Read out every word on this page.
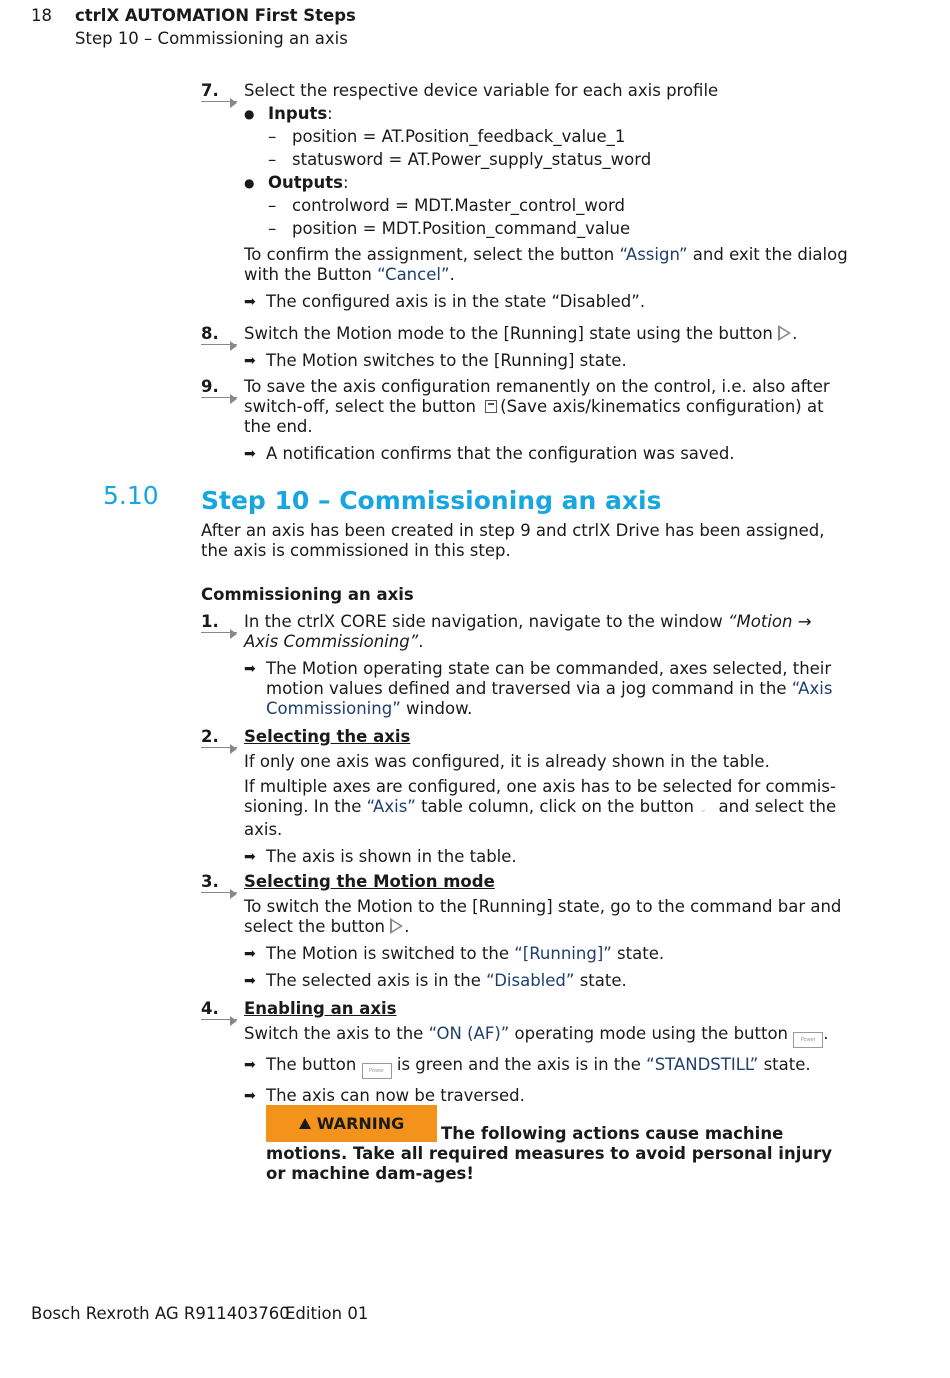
18 ctrlX AUTOMATION First Steps
Step 10 – Commissioning an axis
7.	Select the respective device variable for each axis profile

● Inputs:

– position = AT.Position_feedback_value_1

– statusword = AT.Power_supply_status_word

● Outputs:

– controlword = MDT.Master_control_word

– position = MDT.Position_command_value

To confirm the assignment, select the button “Assign” and exit the dialog with the Button “Cancel”.

➡ The configured axis is in the state “Disabled”.

8.	Switch the Motion mode to the [Running] state using the button
.

➡ The Motion switches to the [Running] state.

9.	To save the axis configuration remanently on the control, i.e. also after switch-off, select the button (Save axis/kinematics configuration) at the end.

➡ A notification confirms that the configuration was saved.

5.10 Step 10 – Commissioning an axis
After an axis has been created in step 9 and ctrlX Drive has been assigned, the axis is commissioned in this step.
Commissioning an axis
1.	In the ctrlX CORE side navigation, navigate to the window “Motion → Axis Commissioning”.

➡ The Motion operating state can be commanded, axes selected, their motion values defined and traversed via a jog command in the “Axis Commissioning” window.

2.	Selecting the axis

If only one axis was configured, it is already shown in the table.

If multiple axes are configured, one axis has to be selected for commis-sioning. In the “Axis” table column, click on the button ⌄ and select the axis.

➡ The axis is shown in the table.

3.	Selecting the Motion mode

To switch the Motion to the [Running] state, go to the command bar and select the button
.

➡ The Motion is switched to the “[Running]” state.

➡ The selected axis is in the “Disabled” state.

4.	Enabling an axis

Switch the axis to the “ON (AF)” operating mode using the button Power .

➡ The button Power is green and the axis is in the “STANDSTILL” state.

➡ The axis can now be traversed.

WARNING
The following actions cause machine motions. Take all required measures to avoid personal injury or machine dam-ages!
Bosch Rexroth AG R911403760
Edition 01
